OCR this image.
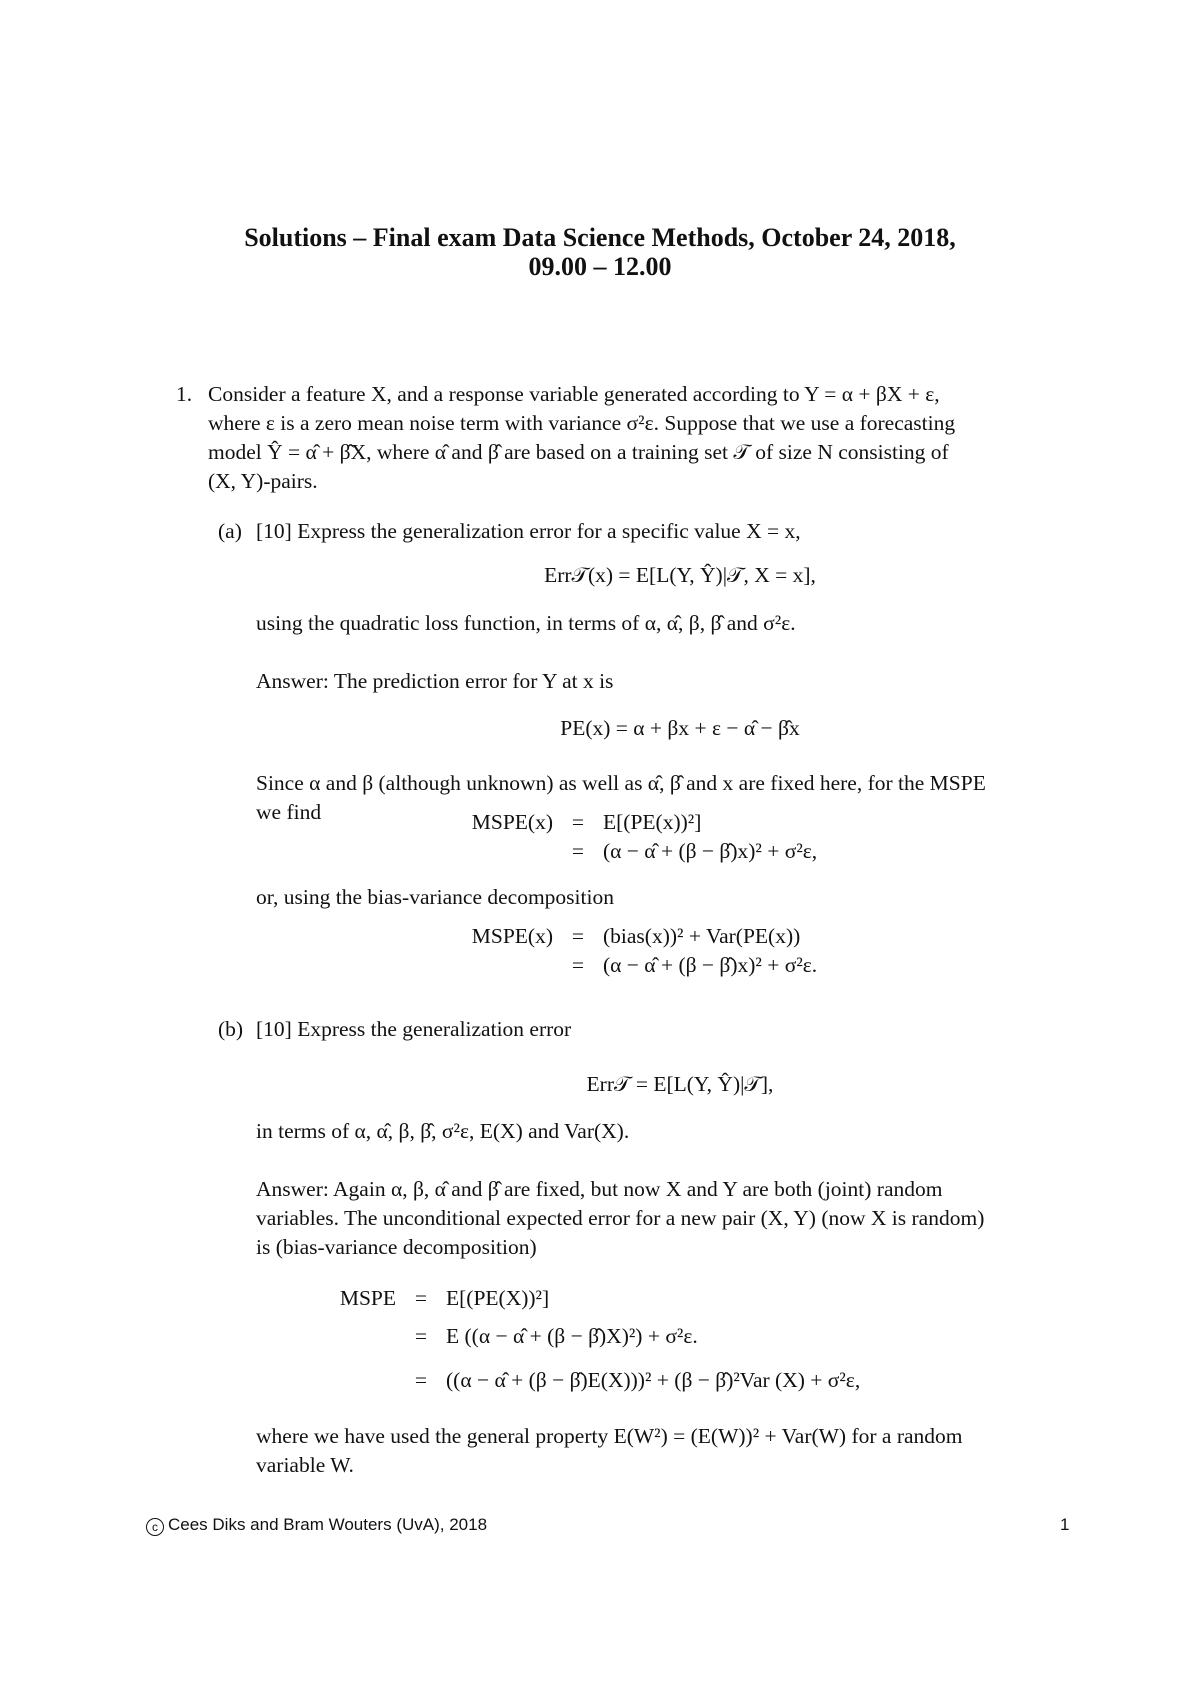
Solutions – Final exam Data Science Methods, October 24, 2018,
09.00 – 12.00
1. Consider a feature X, and a response variable generated according to Y = α + βX + ε,
where ε is a zero mean noise term with variance σ²ε. Suppose that we use a forecasting
model Ŷ = α̂ + β̂X, where α̂ and β̂ are based on a training set 𝒯 of size N consisting of
(X, Y)-pairs.
(a) [10] Express the generalization error for a specific value X = x,
Err𝒯(x) = E[L(Y, Ŷ)|𝒯, X = x],
using the quadratic loss function, in terms of α, α̂, β, β̂ and σ²ε.
Answer: The prediction error for Y at x is
PE(x) = α + βx + ε − α̂ − β̂x
Since α and β (although unknown) as well as α̂, β̂ and x are fixed here, for the MSPE
we find	MSPE(x)	=	E[(PE(x))²]
	=	(α − α̂ + (β − β̂)x)² + σ²ε,
or, using the bias-variance decomposition
MSPE(x)	=	(bias(x))² + Var(PE(x))
	=	(α − α̂ + (β − β̂)x)² + σ²ε.
(b) [10] Express the generalization error
Err𝒯 = E[L(Y, Ŷ)|𝒯],
in terms of α, α̂, β, β̂, σ²ε, E(X) and Var(X).
Answer: Again α, β, α̂ and β̂ are fixed, but now X and Y are both (joint) random
variables. The unconditional expected error for a new pair (X, Y) (now X is random)
is (bias-variance decomposition)
MSPE	=	E[(PE(X))²]
	=	E ((α − α̂ + (β − β̂)X)²) + σ²ε.
	=	((α − α̂ + (β − β̂)E(X)))² + (β − β̂)²Var (X) + σ²ε,
where we have used the general property E(W²) = (E(W))² + Var(W) for a random
variable W.
c Cees Diks and Bram Wouters (UvA), 2018	1
